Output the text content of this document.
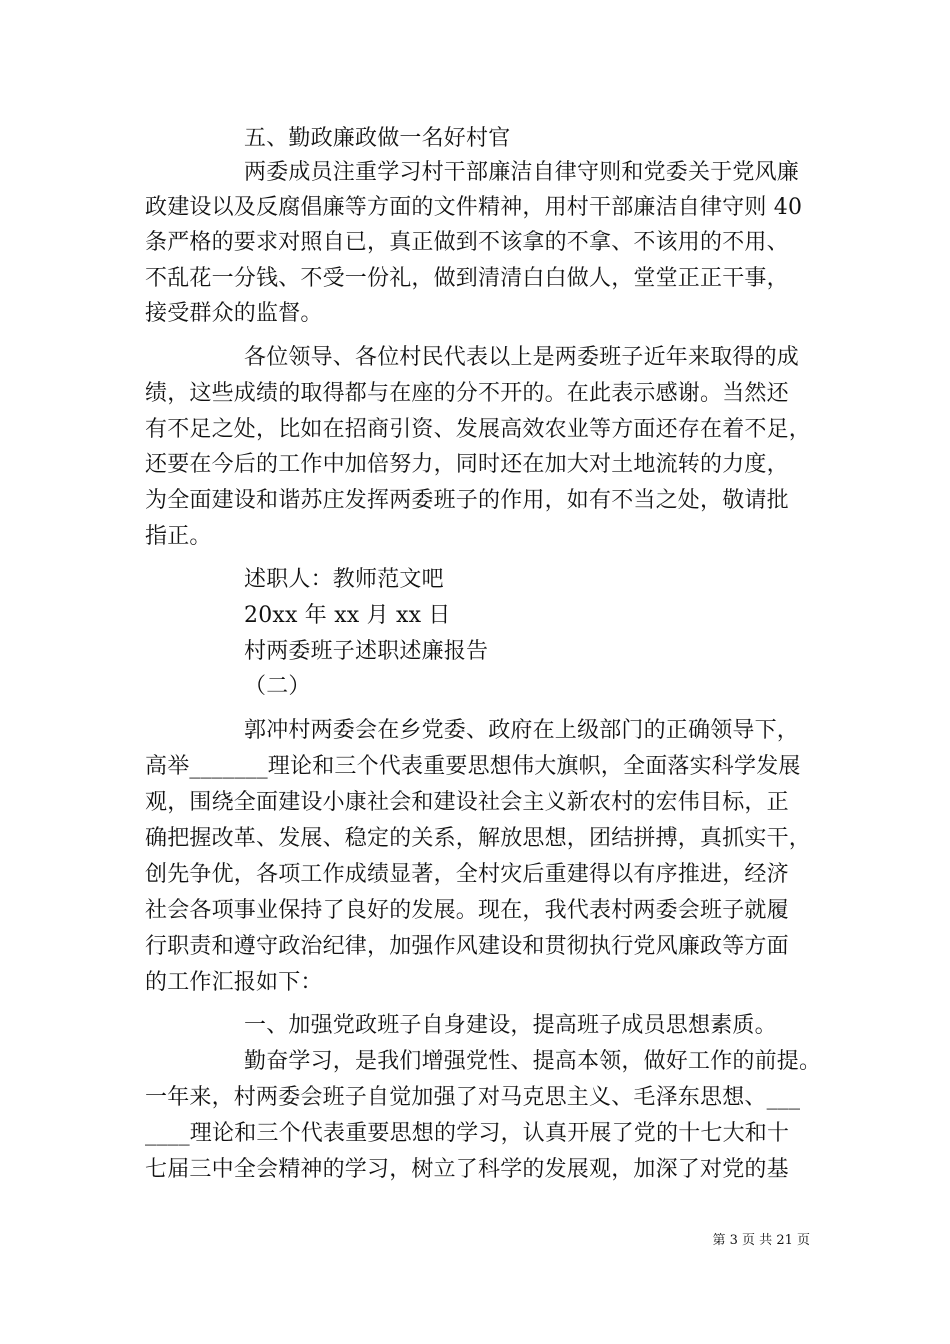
五、勤政廉政做一名好村官
两委成员注重学习村干部廉洁自律守则和党委关于党风廉
政建设以及反腐倡廉等方面的文件精神，用村干部廉洁自律守则 40
条严格的要求对照自已，真正做到不该拿的不拿、不该用的不用、
不乱花一分钱、不受一份礼，做到清清白白做人，堂堂正正干事，
接受群众的监督。
各位领导、各位村民代表以上是两委班子近年来取得的成
绩，这些成绩的取得都与在座的分不开的。在此表示感谢。当然还
有不足之处，比如在招商引资、发展高效农业等方面还存在着不足，
还要在今后的工作中加倍努力，同时还在加大对土地流转的力度，
为全面建设和谐苏庄发挥两委班子的作用，如有不当之处，敬请批
指正。
述职人：教师范文吧
20xx 年 xx 月 xx 日
村两委班子述职述廉报告
（二）
郭冲村两委会在乡党委、政府在上级部门的正确领导下，
高举_______理论和三个代表重要思想伟大旗帜，全面落实科学发展
观，围绕全面建设小康社会和建设社会主义新农村的宏伟目标，正
确把握改革、发展、稳定的关系，解放思想，团结拼搏，真抓实干，
创先争优，各项工作成绩显著，全村灾后重建得以有序推进，经济
社会各项事业保持了良好的发展。现在，我代表村两委会班子就履
行职责和遵守政治纪律，加强作风建设和贯彻执行党风廉政等方面
的工作汇报如下：
一、加强党政班子自身建设，提高班子成员思想素质。
勤奋学习，是我们增强党性、提高本领，做好工作的前提。
一年来，村两委会班子自觉加强了对马克思主义、毛泽东思想、___
____理论和三个代表重要思想的学习，认真开展了党的十七大和十
七届三中全会精神的学习，树立了科学的发展观，加深了对党的基
第 3 页 共 21 页
